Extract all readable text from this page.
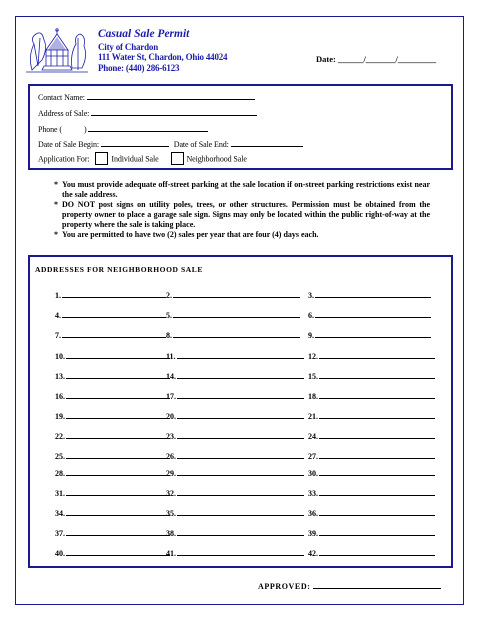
Casual Sale Permit
City of Chardon
111 Water St, Chardon, Ohio 44024
Phone: (440) 286-6123
Date: ______/_______/_________
Contact Name:
Address of Sale:
Phone (	)
Date of Sale Begin:	Date of Sale End:
Application For:	Individual Sale	Neighborhood Sale

* You must provide adequate off-street parking at the sale location if on-street parking restrictions exist near the sale address.

* DO NOT post signs on utility poles, trees, or other structures. Permission must be obtained from the property owner to place a garage sale sign. Signs may only be located within the public right-of-way at the property where the sale is taking place.

* You are permitted to have two (2) sales per year that are four (4) days each.

ADDRESSES FOR NEIGHBORHOOD SALE
1.	2.	3.
4.	5.	6.
7.	8.	9.
10.	11.	12.
13.	14.	15.
16.	17.	18.
19.	20.	21.
22.	23.	24.
25.	26.	27.
28.	29.	30.
31.	32.	33.
34.	35.	36.
37.	38.	39.
40.	41.	42.
APPROVED:
